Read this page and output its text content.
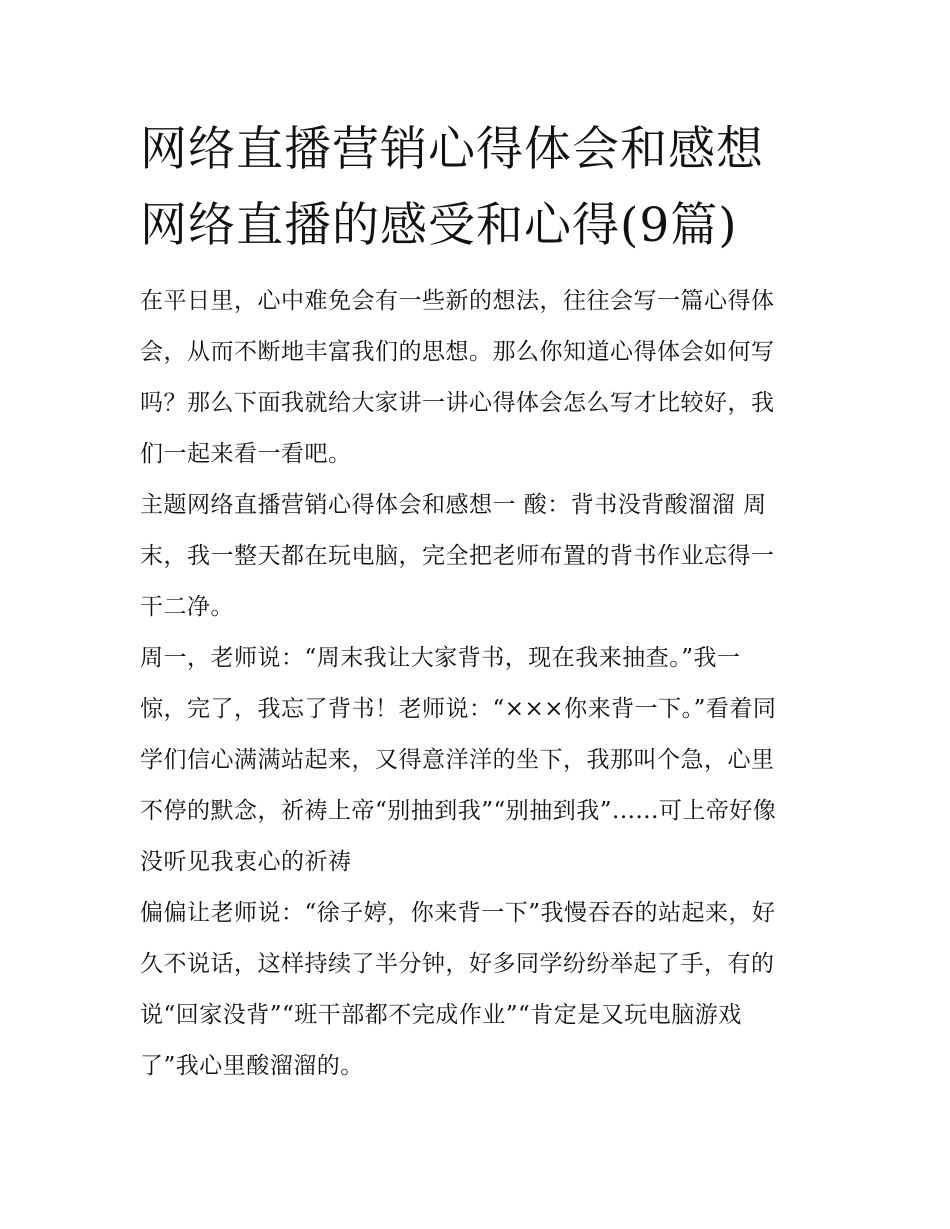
网络直播营销心得体会和感想
网络直播的感受和心得(9篇)

在平日里，心中难免会有一些新的想法，往往会写一篇心得体
会，从而不断地丰富我们的思想。那么你知道心得体会如何写
吗？那么下面我就给大家讲一讲心得体会怎么写才比较好，我
们一起来看一看吧。

主题网络直播营销心得体会和感想一 酸：背书没背酸溜溜 周
末，我一整天都在玩电脑，完全把老师布置的背书作业忘得一
干二净。

周一，老师说：“周末我让大家背书，现在我来抽查。”我一
惊，完了，我忘了背书！老师说：“×××你来背一下。”看着同
学们信心满满站起来，又得意洋洋的坐下，我那叫个急，心里
不停的默念，祈祷上帝“别抽到我”“别抽到我”......可上帝好像
没听见我衷心的祈祷

偏偏让老师说：“徐子婷，你来背一下”我慢吞吞的站起来，好
久不说话，这样持续了半分钟，好多同学纷纷举起了手，有的
说“回家没背”“班干部都不完成作业”“肯定是又玩电脑游戏
了”我心里酸溜溜的。
